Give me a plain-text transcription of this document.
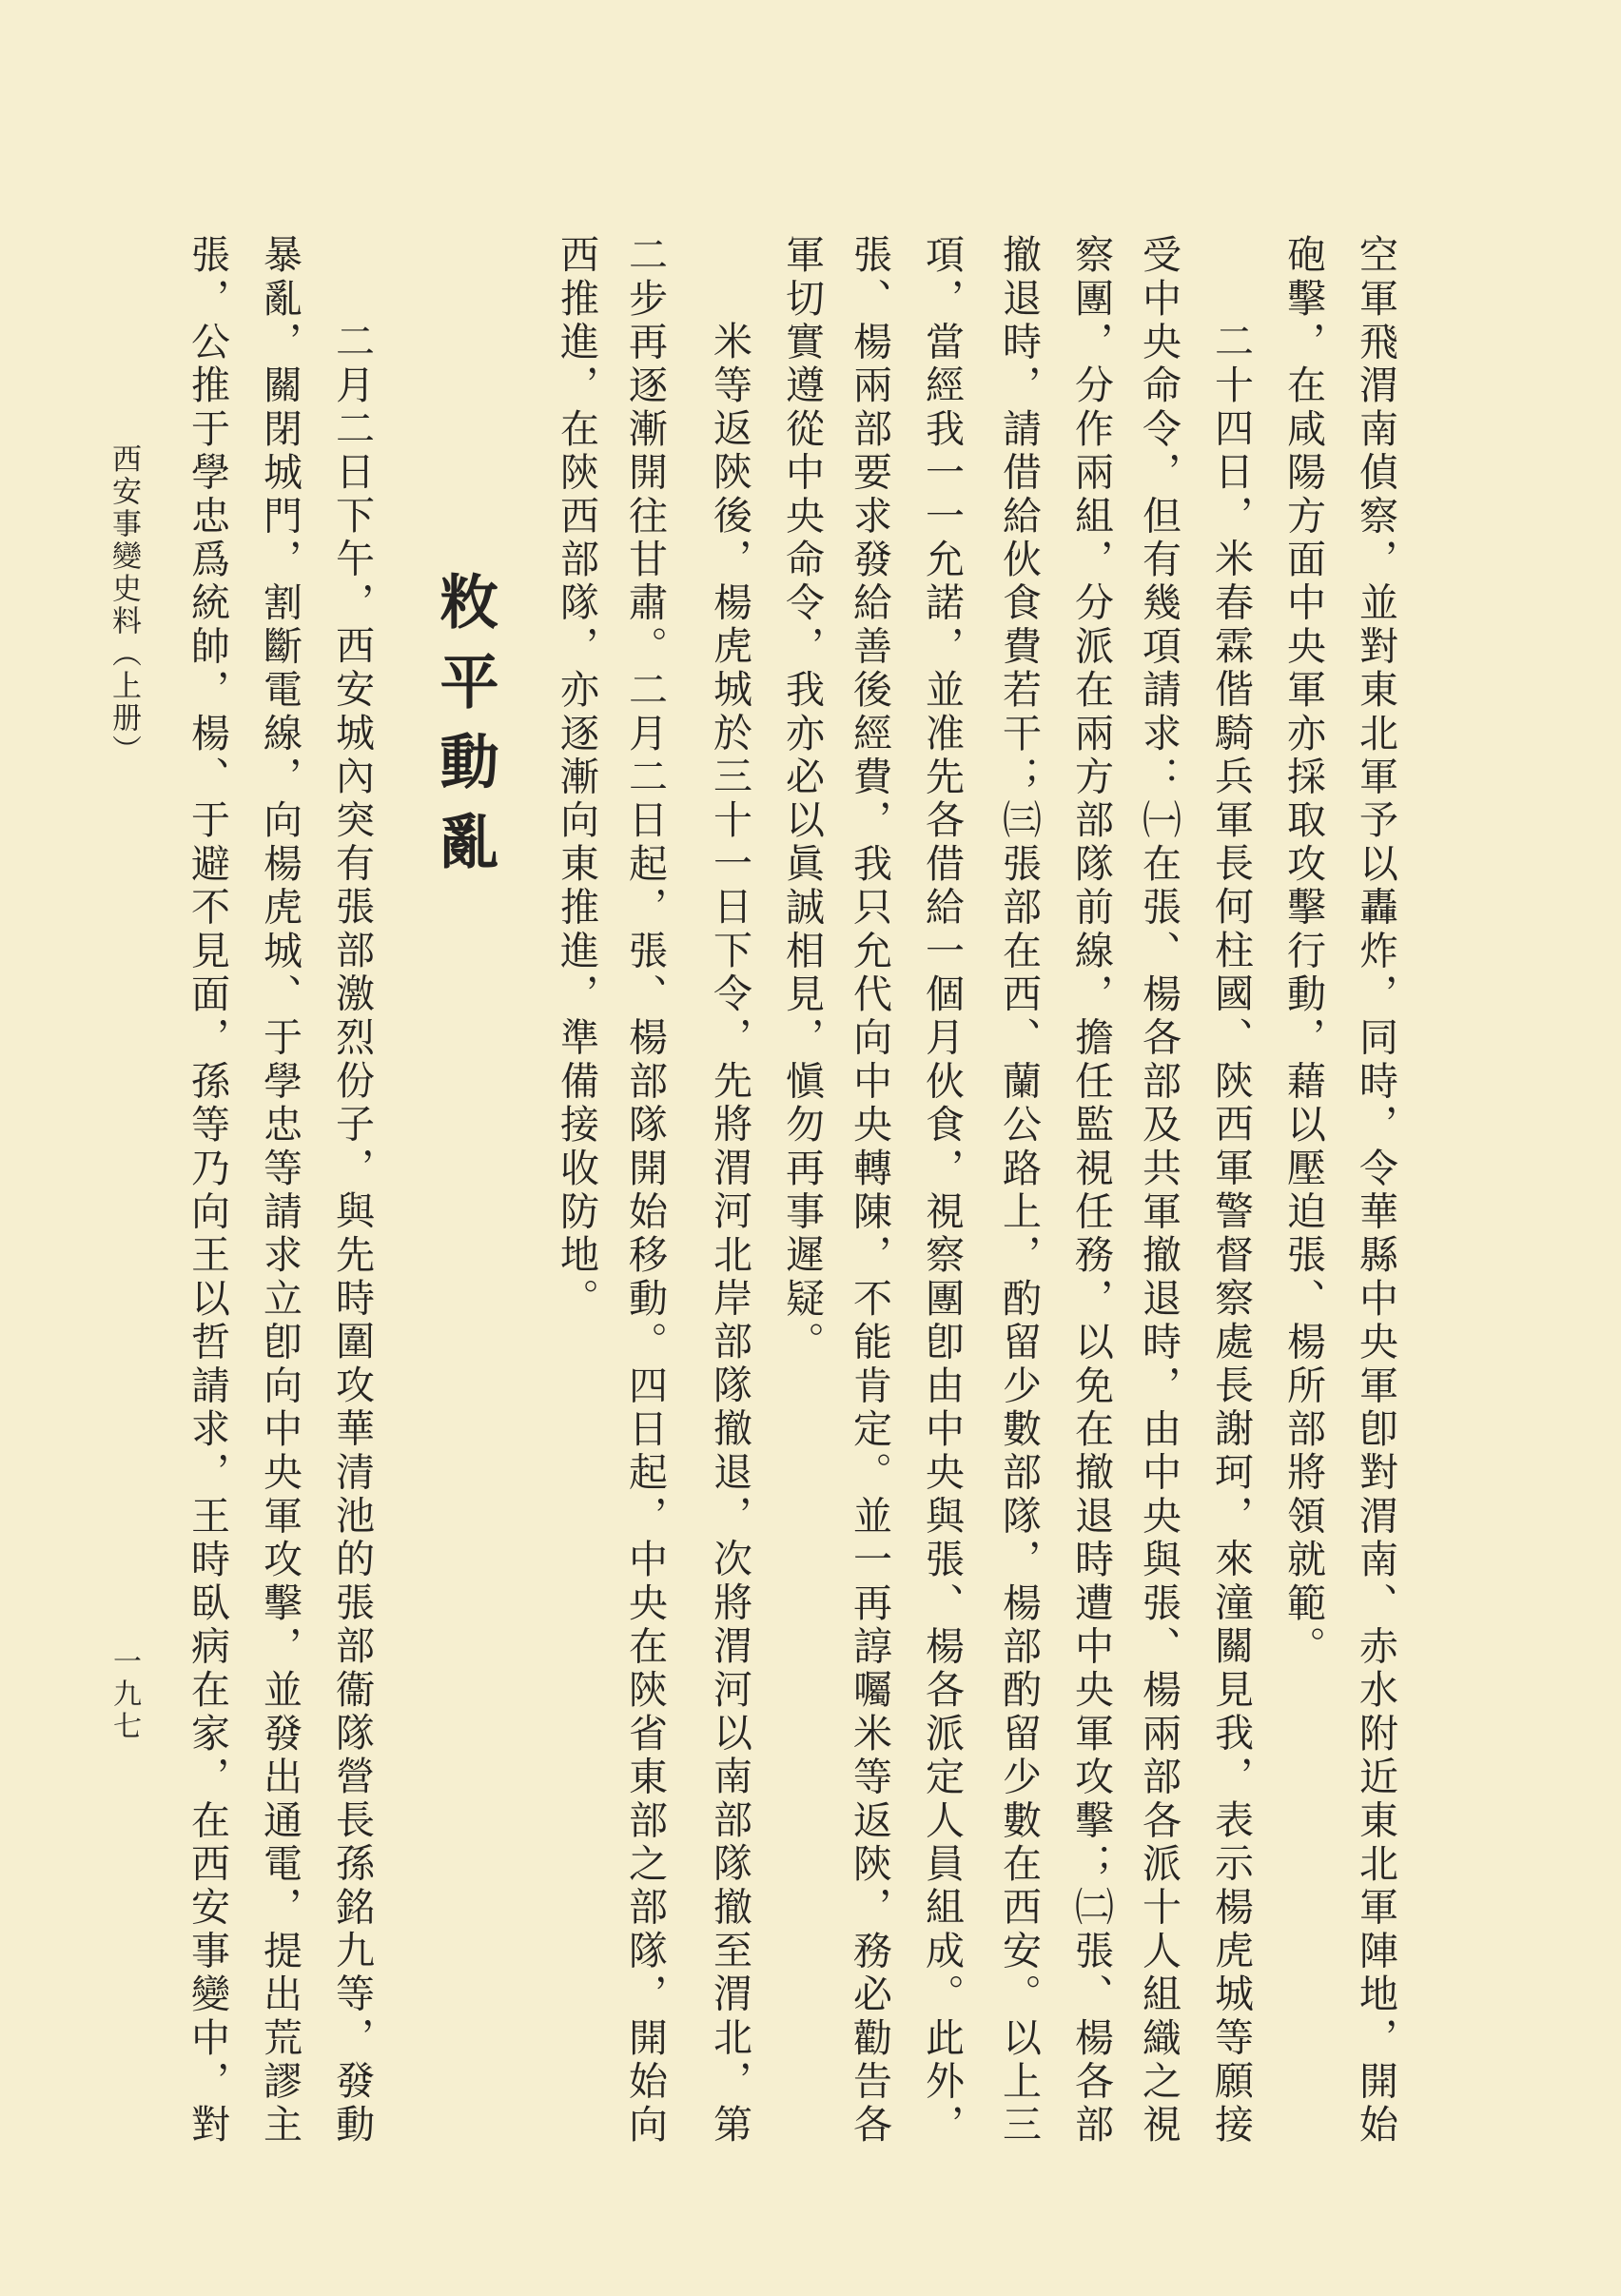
空軍飛渭南偵察，並對東北軍予以轟炸，同時，令華縣中央軍卽對渭南、赤水附近東北軍陣地，開始
砲擊，在咸陽方面中央軍亦採取攻擊行動，藉以壓迫張、楊所部將領就範。
二十四日，米春霖偕騎兵軍長何柱國、陝西軍警督察處長謝珂，來潼關見我，表示楊虎城等願接
受中央命令，但有幾項請求：㈠在張、楊各部及共軍撤退時，由中央與張、楊兩部各派十人組織之視
察團，分作兩組，分派在兩方部隊前線，擔任監視任務，以免在撤退時遭中央軍攻擊；㈡張、楊各部
撤退時，請借給伙食費若干；㈢張部在西、蘭公路上，酌留少數部隊，楊部酌留少數在西安。以上三
項，當經我一一允諾，並准先各借給一個月伙食，視察團卽由中央與張、楊各派定人員組成。此外，
張、楊兩部要求發給善後經費，我只允代向中央轉陳，不能肯定。並一再諄囑米等返陝，務必勸告各
軍切實遵從中央命令，我亦必以眞誠相見，愼勿再事遲疑。
米等返陝後，楊虎城於三十一日下令，先將渭河北岸部隊撤退，次將渭河以南部隊撤至渭北，第
二步再逐漸開往甘肅。二月二日起，張、楊部隊開始移動。四日起，中央在陝省東部之部隊，開始向
西推進，在陝西部隊，亦逐漸向東推進，準備接收防地。
敉平動亂
二月二日下午，西安城內突有張部激烈份子，與先時圍攻華清池的張部衞隊營長孫銘九等，發動
暴亂，關閉城門，割斷電線，向楊虎城、于學忠等請求立卽向中央軍攻擊，並發出通電，提出荒謬主
張，公推于學忠爲統帥，楊、于避不見面，孫等乃向王以哲請求，王時臥病在家，在西安事變中，對
西安事變史料（上册）
一九七
